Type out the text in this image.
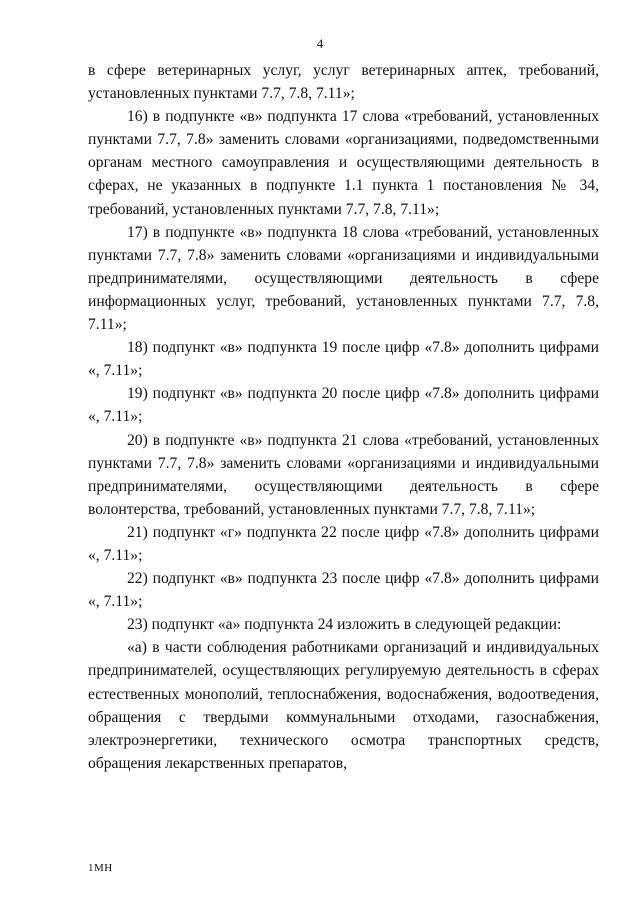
4

в сфере ветеринарных услуг, услуг ветеринарных аптек, требований, установленных пунктами 7.7, 7.8, 7.11»;

16) в подпункте «в» подпункта 17 слова «требований, установленных пунктами 7.7, 7.8» заменить словами «организациями, подведомственными органам местного самоуправления и осуществляющими деятельность в сферах, не указанных в подпункте 1.1 пункта 1 постановления № 34, требований, установленных пунктами 7.7, 7.8, 7.11»;

17) в подпункте «в» подпункта 18 слова «требований, установленных пунктами 7.7, 7.8» заменить словами «организациями и индивидуальными предпринимателями, осуществляющими деятельность в сфере информационных услуг, требований, установленных пунктами 7.7, 7.8, 7.11»;

18) подпункт «в» подпункта 19 после цифр «7.8» дополнить цифрами «, 7.11»;

19) подпункт «в» подпункта 20 после цифр «7.8» дополнить цифрами «, 7.11»;

20) в подпункте «в» подпункта 21 слова «требований, установленных пунктами 7.7, 7.8» заменить словами «организациями и индивидуальными предпринимателями, осуществляющими деятельность в сфере волонтерства, требований, установленных пунктами 7.7, 7.8, 7.11»;

21) подпункт «г» подпункта 22 после цифр «7.8» дополнить цифрами «, 7.11»;

22) подпункт «в» подпункта 23 после цифр «7.8» дополнить цифрами «, 7.11»;

23) подпункт «а» подпункта 24 изложить в следующей редакции:

«а) в части соблюдения работниками организаций и индивидуальных предпринимателей, осуществляющих регулируемую деятельность в сферах естественных монополий, теплоснабжения, водоснабжения, водоотведения, обращения с твердыми коммунальными отходами, газоснабжения, электроэнергетики, технического осмотра транспортных средств, обращения лекарственных препаратов,

1МН
